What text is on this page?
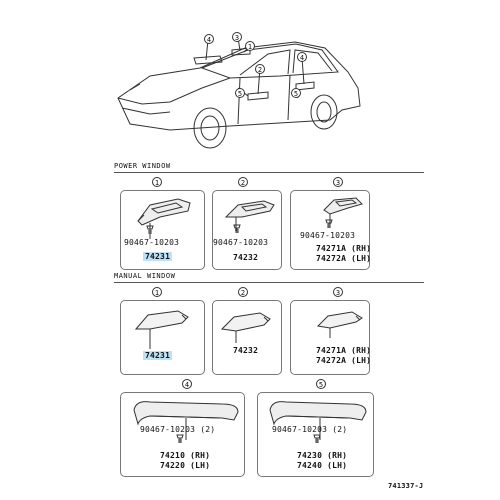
4	3
1
2
5	5
4
POWER WINDOW
1	2	3
90467-10203
74231
90467-10203
74232
90467-10203
74271A (RH)
74272A (LH)
MANUAL WINDOW
1	2	3
74231
74232	74271A (RH)
74272A (LH)
4	5
90467-10203 (2)
74210 (RH)
74220 (LH)
90467-10203 (2)
74230 (RH)
74240 (LH)
741337-J
